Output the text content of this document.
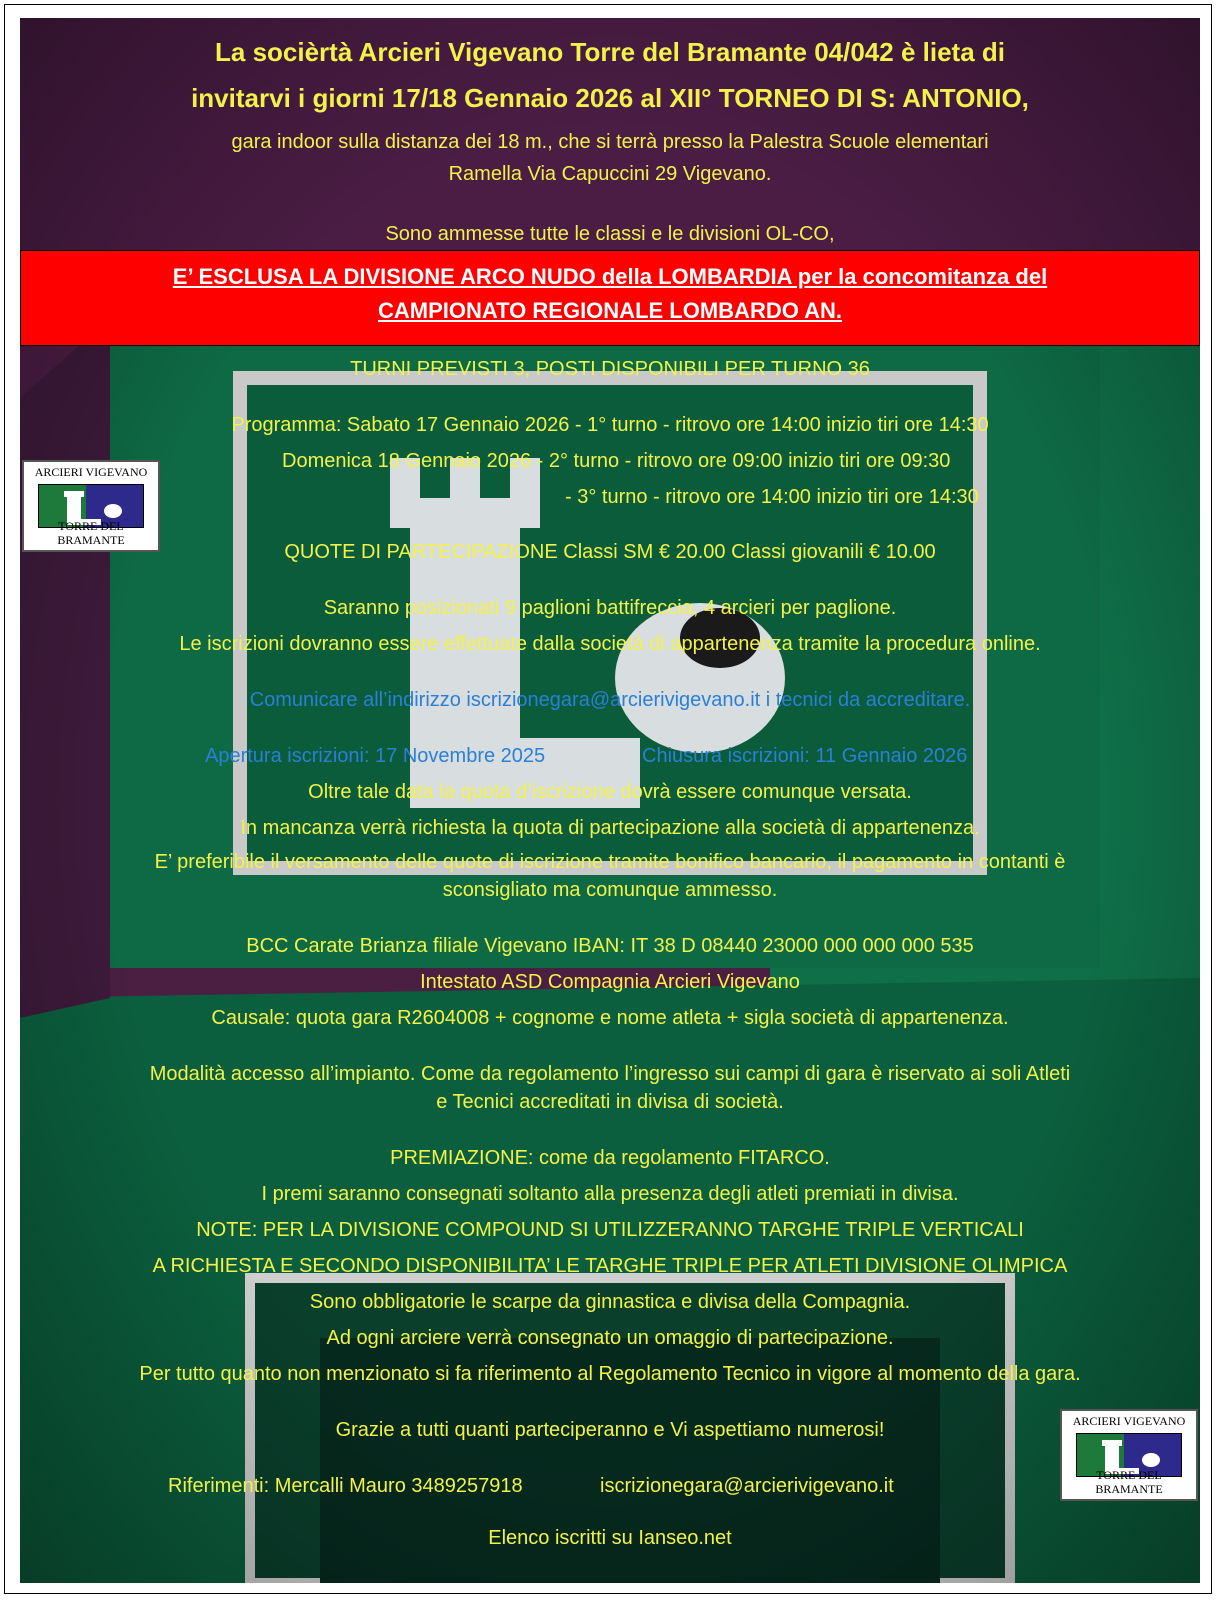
La socièrtà Arcieri Vigevano Torre del Bramante 04/042 è lieta di
invitarvi i giorni 17/18 Gennaio 2026 al XII° TORNEO DI S: ANTONIO,
gara indoor sulla distanza dei 18 m., che si terrà presso la Palestra Scuole elementari
Ramella Via Capuccini 29 Vigevano.
Sono ammesse tutte le classi e le divisioni OL-CO,
TURNI PREVISTI 3, POSTI DISPONIBILI PER TURNO 36
Programma: Sabato 17 Gennaio 2026 - 1° turno - ritrovo ore 14:00 inizio tiri ore 14:30
Domenica 18 Gennaio 2026 - 2° turno - ritrovo ore 09:00 inizio tiri ore 09:30
- 3° turno - ritrovo ore 14:00 inizio tiri ore 14:30
QUOTE DI PARTECIPAZIONE Classi SM € 20.00 Classi giovanili € 10.00
Saranno posizionati 9 paglioni battifreccia, 4 arcieri per paglione.
Le iscrizioni dovranno essere effettuate dalla società di appartenenza tramite la procedura online.
Comunicare all’indirizzo iscrizionegara@arcierivigevano.it i tecnici da accreditare.
Apertura iscrizioni: 17 Novembre 2025	Chiusura iscrizioni: 11 Gennaio 2026
Oltre tale data la quota d’iscrizione dovrà essere comunque versata.
In mancanza verrà richiesta la quota di partecipazione alla società di appartenenza.
E’ preferibile il versamento delle quote di iscrizione tramite bonifico bancario, il pagamento in contanti è
sconsigliato ma comunque ammesso.
BCC Carate Brianza filiale Vigevano IBAN: IT 38 D 08440 23000 000 000 000 535
Intestato ASD Compagnia Arcieri Vigevano
Causale: quota gara R2604008 + cognome e nome atleta + sigla società di appartenenza.
Modalità accesso all’impianto. Come da regolamento l’ingresso sui campi di gara è riservato ai soli Atleti
e Tecnici accreditati in divisa di società.
PREMIAZIONE: come da regolamento FITARCO.
I premi saranno consegnati soltanto alla presenza degli atleti premiati in divisa.
NOTE: PER LA DIVISIONE COMPOUND SI UTILIZZERANNO TARGHE TRIPLE VERTICALI
A RICHIESTA E SECONDO DISPONIBILITA’ LE TARGHE TRIPLE PER ATLETI DIVISIONE OLIMPICA
Sono obbligatorie le scarpe da ginnastica e divisa della Compagnia.
Ad ogni arciere verrà consegnato un omaggio di partecipazione.
Per tutto quanto non menzionato si fa riferimento al Regolamento Tecnico in vigore al momento della gara.
Grazie a tutti quanti parteciperanno e Vi aspettiamo numerosi!
Riferimenti: Mercalli Mauro 3489257918	iscrizionegara@arcierivigevano.it
Elenco iscritti su Ianseo.net
E’ ESCLUSA LA DIVISIONE ARCO NUDO della LOMBARDIA per la concomitanza del
CAMPIONATO REGIONALE LOMBARDO AN.
ARCIERI VIGEVANO
TORRE DEL BRAMANTE
ARCIERI VIGEVANO
TORRE DEL BRAMANTE
